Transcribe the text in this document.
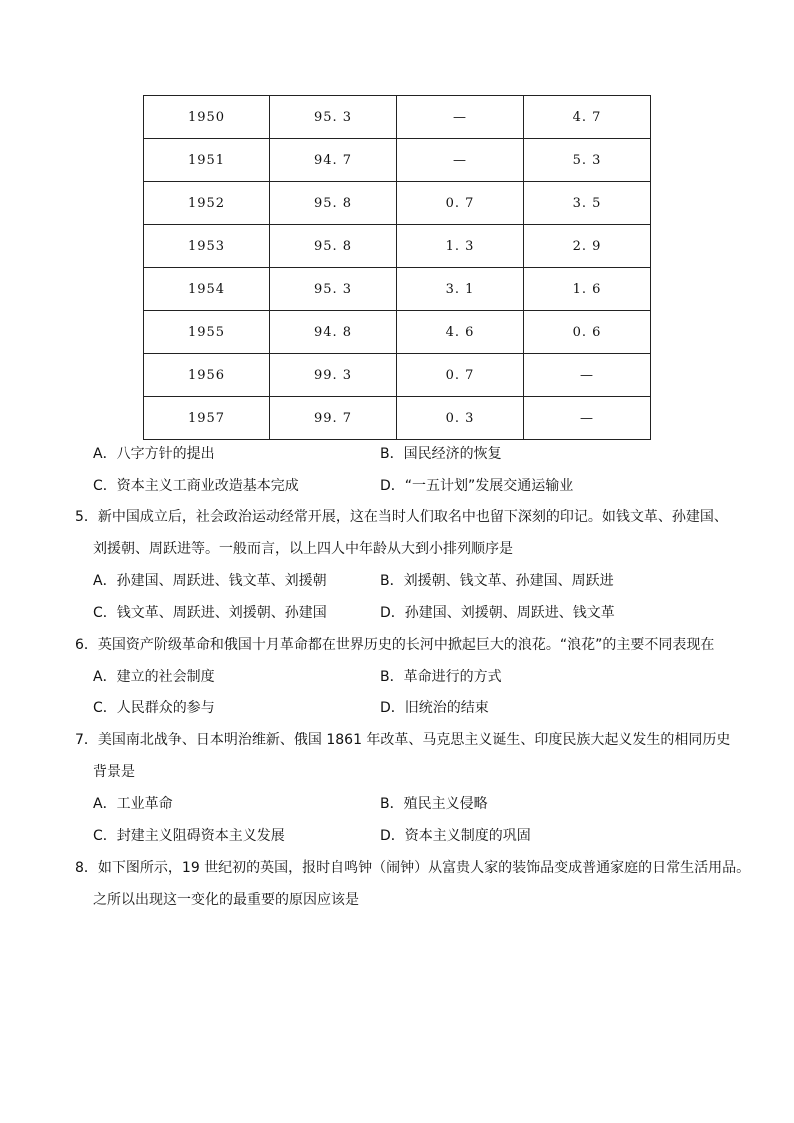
1950	95. 3	—	4. 7
1951	94. 7	—	5. 3
1952	95. 8	0. 7	3. 5
1953	95. 8	1. 3	2. 9
1954	95. 3	3. 1	1. 6
1955	94. 8	4. 6	0. 6
1956	99. 3	0. 7	—
1957	99. 7	0. 3	—
A．八字方针的提出	B．国民经济的恢复
C．资本主义工商业改造基本完成	D．“一五计划”发展交通运输业
5．新中国成立后，社会政治运动经常开展，这在当时人们取名中也留下深刻的印记。如钱文革、孙建国、
刘援朝、周跃进等。一般而言，以上四人中年龄从大到小排列顺序是
A．孙建国、周跃进、钱文革、刘援朝	B．刘援朝、钱文革、孙建国、周跃进
C．钱文革、周跃进、刘援朝、孙建国	D．孙建国、刘援朝、周跃进、钱文革
6．英国资产阶级革命和俄国十月革命都在世界历史的长河中掀起巨大的浪花。“浪花”的主要不同表现在
A．建立的社会制度	B．革命进行的方式
C．人民群众的参与	D．旧统治的结束
7．美国南北战争、日本明治维新、俄国 1861 年改革、马克思主义诞生、印度民族大起义发生的相同历史
背景是
A．工业革命	B．殖民主义侵略
C．封建主义阻碍资本主义发展	D．资本主义制度的巩固
8．如下图所示，19 世纪初的英国，报时自鸣钟（闹钟）从富贵人家的装饰品变成普通家庭的日常生活用品。
之所以出现这一变化的最重要的原因应该是
